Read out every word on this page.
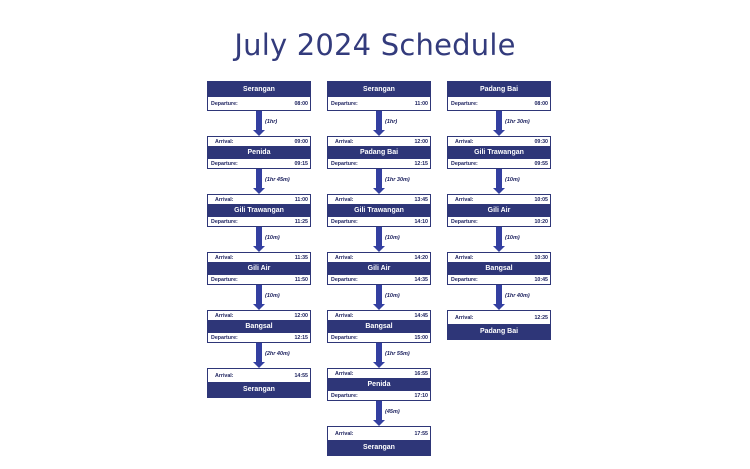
July 2024 Schedule
Serangan
Departure:	08:00
(1hr)
Arrival:	09:00
Penida
Departure:	09:15
(1hr 45m)
Arrival:	11:00
Gili Trawangan
Departure:	11:25
(10m)
Arrival:	11:35
Gili Air
Departure:	11:50
(10m)
Arrival:	12:00
Bangsal
Departure:	12:15
(2hr 40m)
Arrival:	14:55
Serangan
Serangan
Departure:	11:00
(1hr)
Arrival:	12:00
Padang Bai
Departure:	12:15
(1hr 30m)
Arrival:	13:45
Gili Trawangan
Departure:	14:10
(10m)
Arrival:	14:20
Gili Air
Departure:	14:35
(10m)
Arrival:	14:45
Bangsal
Departure:	15:00
(1hr 55m)
Arrival:	16:55
Penida
Departure:	17:10
(45m)
Arrival:	17:55
Serangan
Padang Bai
Departure:	08:00
(1hr 30m)
Arrival:	09:30
Gili Trawangan
Departure:	09:55
(10m)
Arrival:	10:05
Gili Air
Departure:	10:20
(10m)
Arrival:	10:30
Bangsal
Departure:	10:45
(1hr 40m)
Arrival:	12:25
Padang Bai
